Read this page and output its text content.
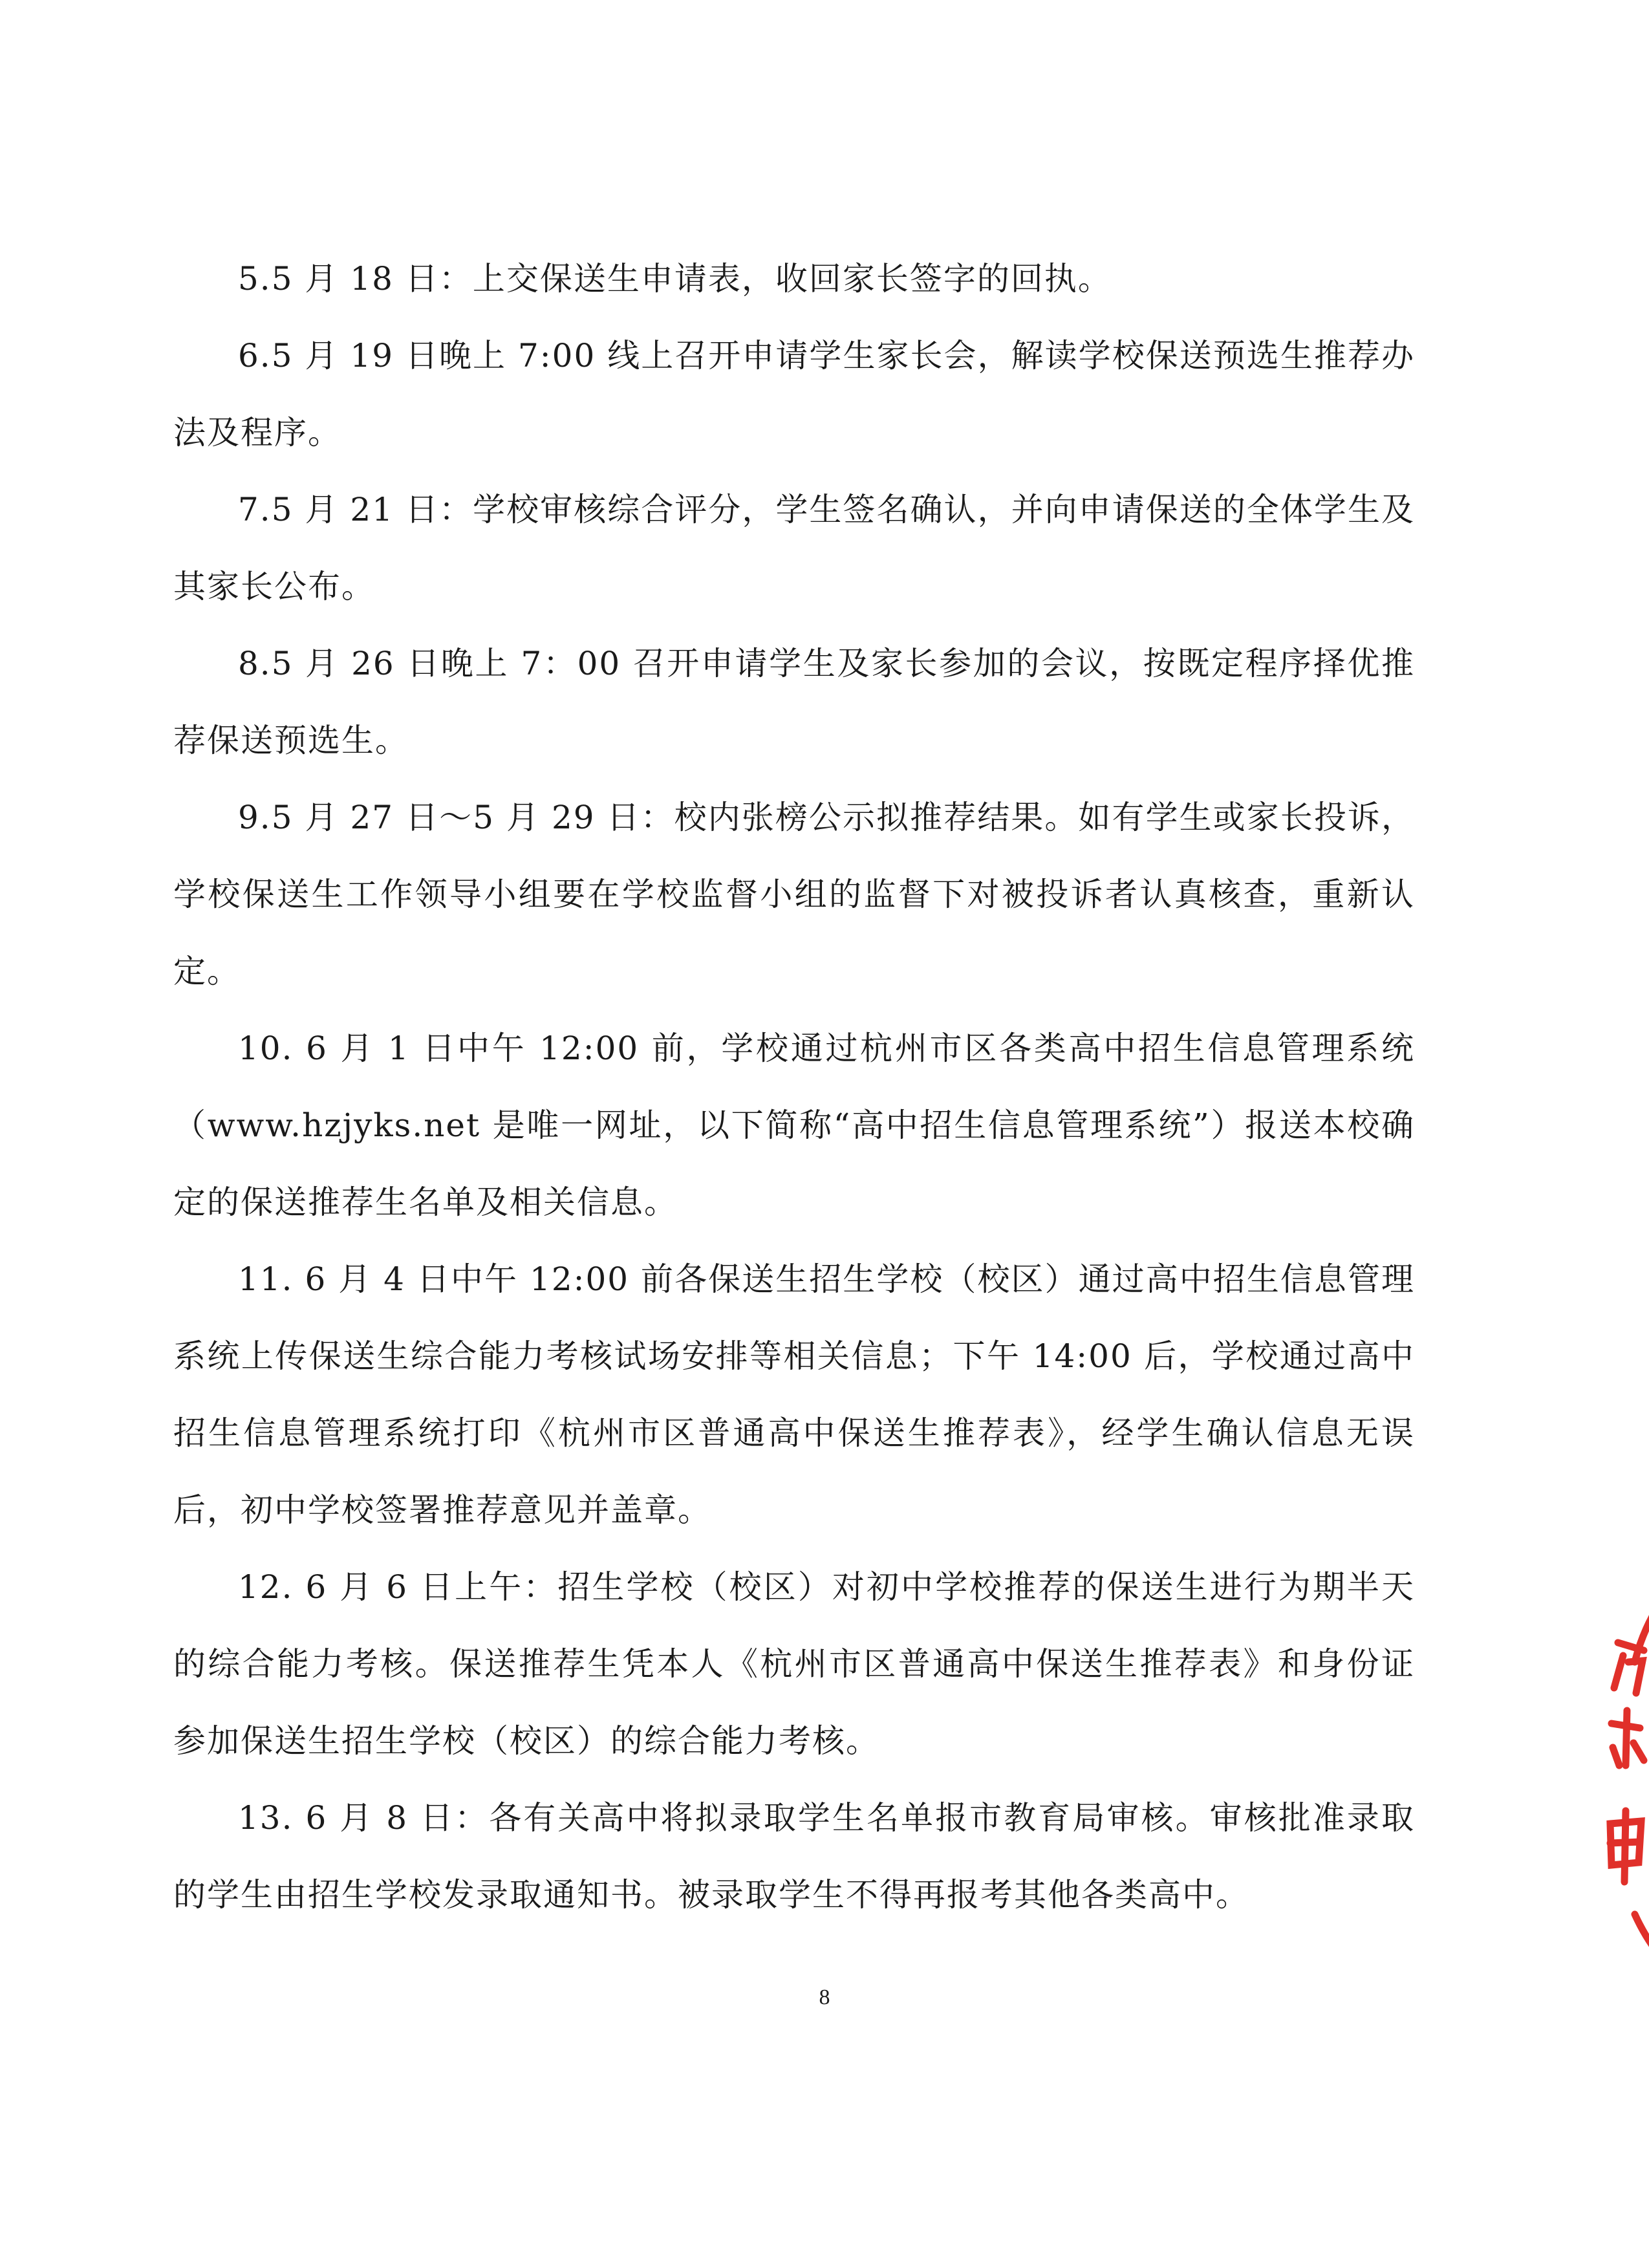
5.5 月 18 日：上交保送生申请表，收回家长签字的回执。

6.5 月 19 日晚上 7:00 线上召开申请学生家长会，解读学校保送预选生推荐办法及程序。

7.5 月 21 日：学校审核综合评分，学生签名确认，并向申请保送的全体学生及其家长公布。

8.5 月 26 日晚上 7：00 召开申请学生及家长参加的会议，按既定程序择优推荐保送预选生。

9.5 月 27 日～5 月 29 日：校内张榜公示拟推荐结果。如有学生或家长投诉，学校保送生工作领导小组要在学校监督小组的监督下对被投诉者认真核查，重新认定。

10. 6 月 1 日中午 12:00 前，学校通过杭州市区各类高中招生信息管理系统（www.hzjyks.net 是唯一网址，以下简称“高中招生信息管理系统”）报送本校确定的保送推荐生名单及相关信息。

11. 6 月 4 日中午 12:00 前各保送生招生学校（校区）通过高中招生信息管理系统上传保送生综合能力考核试场安排等相关信息；下午 14:00 后，学校通过高中招生信息管理系统打印《杭州市区普通高中保送生推荐表》，经学生确认信息无误后，初中学校签署推荐意见并盖章。

12. 6 月 6 日上午：招生学校（校区）对初中学校推荐的保送生进行为期半天的综合能力考核。保送推荐生凭本人《杭州市区普通高中保送生推荐表》和身份证参加保送生招生学校（校区）的综合能力考核。

13. 6 月 8 日：各有关高中将拟录取学生名单报市教育局审核。审核批准录取的学生由招生学校发录取通知书。被录取学生不得再报考其他各类高中。

8
